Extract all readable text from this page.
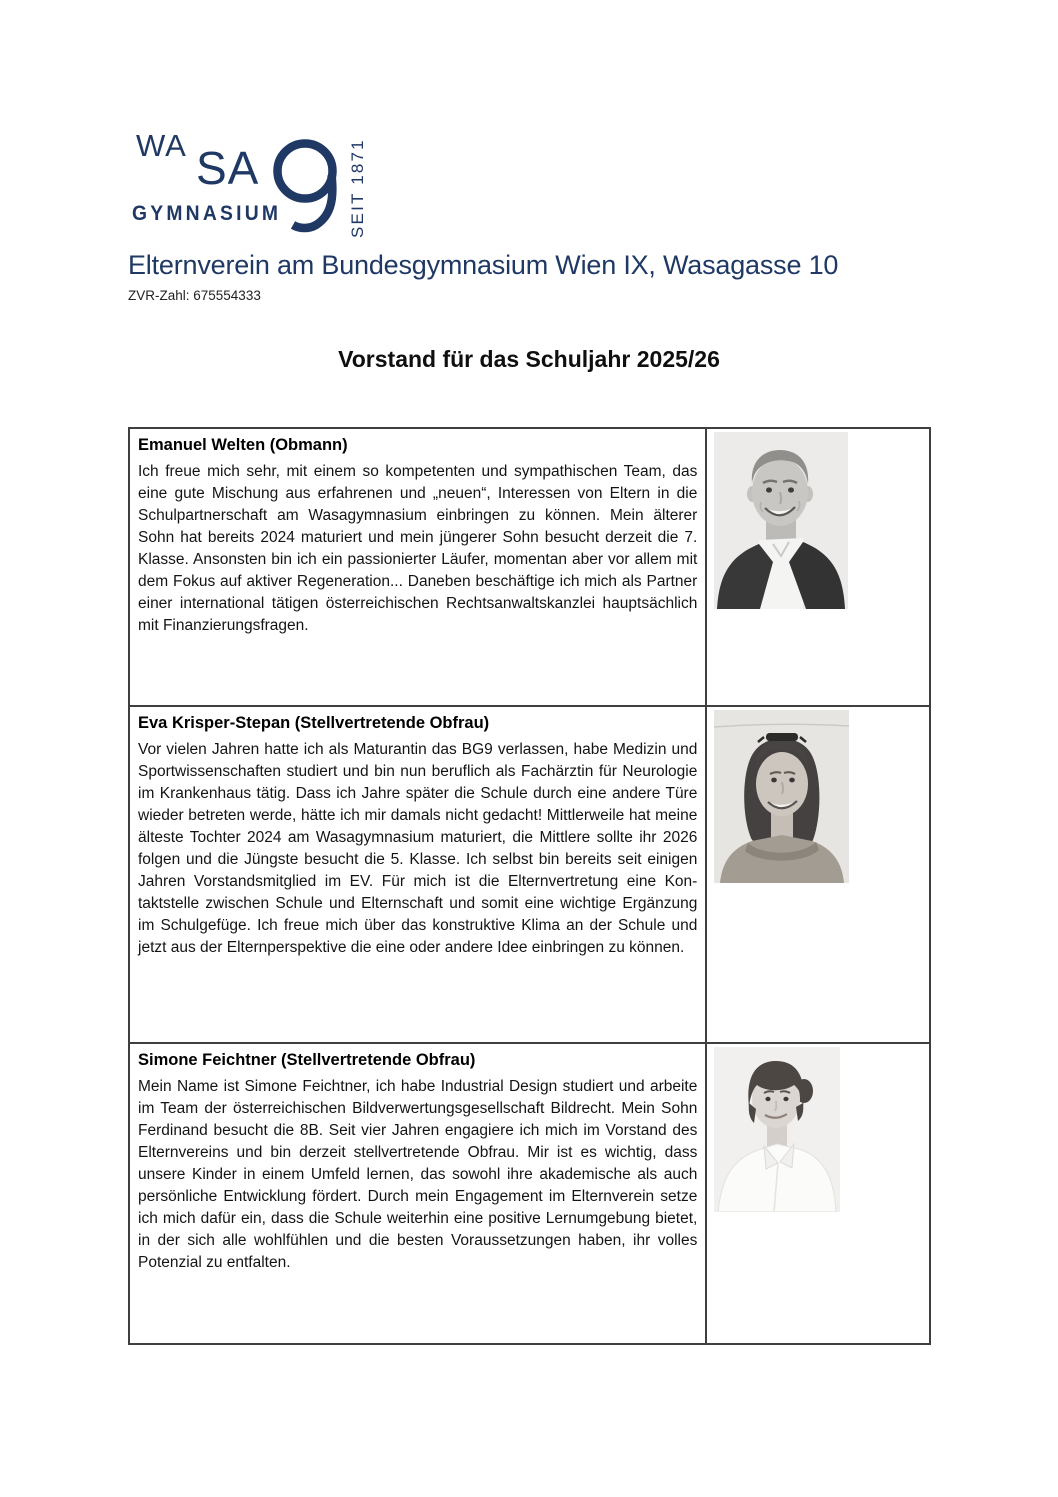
WA SA
GYMNASIUM	SEIT 1871
Elternverein am Bundesgymnasium Wien IX, Wasagasse 10
ZVR-Zahl: 675554333
Vorstand für das Schuljahr 2025/26
Emanuel Welten (Obmann)
Ich freue mich sehr, mit einem so kompetenten und sympathischen Team, das eine gute Mischung aus erfahrenen und „neuen“, Interessen von Eltern in die Schulpartnerschaft am Wasagymnasium einbringen zu können. Mein älterer Sohn hat bereits 2024 maturiert und mein jüngerer Sohn besucht derzeit die 7. Klasse. Ansonsten bin ich ein passionierter Läufer, momentan aber vor allem mit dem Fokus auf aktiver Regeneration... Daneben beschäftige ich mich als Partner einer international tätigen österreichischen Rechtsanwaltskanzlei hauptsächlich mit Finanzierungsfragen.

Eva Krisper-Stepan (Stellvertretende Obfrau)
Vor vielen Jahren hatte ich als Maturantin das BG9 verlassen, habe Medizin und Sportwissenschaften studiert und bin nun beruflich als Fachärztin für Neurologie im Krankenhaus tätig. Dass ich Jahre später die Schule durch eine andere Türe wieder betreten werde, hätte ich mir damals nicht gedacht! Mittlerweile hat meine älteste Tochter 2024 am Wasagymnasium maturiert, die Mittlere sollte ihr 2026 folgen und die Jüngste besucht die 5. Klasse. Ich selbst bin bereits seit einigen Jahren Vorstandsmitglied im EV. Für mich ist die Elternvertretung eine Kontaktstelle zwischen Schule und Elternschaft und somit eine wichtige Ergänzung im Schulgefüge. Ich freue mich über das konstruktive Klima an der Schule und jetzt aus der Elternperspektive die eine oder andere Idee einbringen zu können.

Simone Feichtner (Stellvertretende Obfrau)
Mein Name ist Simone Feichtner, ich habe Industrial Design studiert und arbeite im Team der österreichischen Bildverwertungsgesellschaft Bildrecht. Mein Sohn Ferdinand besucht die 8B. Seit vier Jahren engagiere ich mich im Vorstand des Elternvereins und bin derzeit stellvertretende Obfrau. Mir ist es wichtig, dass unsere Kinder in einem Umfeld lernen, das sowohl ihre akademische als auch persönliche Entwicklung fördert. Durch mein Engagement im Elternverein setze ich mich dafür ein, dass die Schule weiterhin eine positive Lernumgebung bietet, in der sich alle wohlfühlen und die besten Voraussetzungen haben, ihr volles Potenzial zu entfalten.
